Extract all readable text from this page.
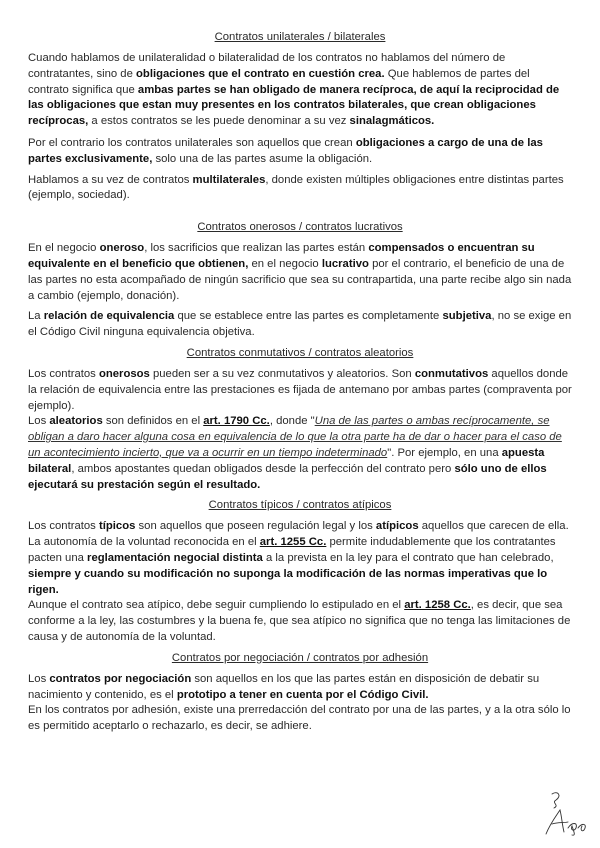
Contratos unilaterales / bilaterales

Cuando hablamos de unilateralidad o bilateralidad de los contratos no hablamos del número de contratantes, sino de obligaciones que el contrato en cuestión crea. Que hablemos de partes del contrato significa que ambas partes se han obligado de manera recíproca, de aquí la reciprocidad de las obligaciones que estan muy presentes en los contratos bilaterales, que crean obligaciones recíprocas, a estos contratos se les puede denominar a su vez sinalagmáticos.

Por el contrario los contratos unilaterales son aquellos que crean obligaciones a cargo de una de las partes exclusivamente, solo una de las partes asume la obligación.

Hablamos a su vez de contratos multilaterales, donde existen múltiples obligaciones entre distintas partes (ejemplo, sociedad).

Contratos onerosos / contratos lucrativos

En el negocio oneroso, los sacrificios que realizan las partes están compensados o encuentran su equivalente en el beneficio que obtienen, en el negocio lucrativo por el contrario, el beneficio de una de las partes no esta acompañado de ningún sacrificio que sea su contrapartida, una parte recibe algo sin nada a cambio (ejemplo, donación).

La relación de equivalencia que se establece entre las partes es completamente subjetiva, no se exige en el Código Civil ninguna equivalencia objetiva.

Contratos conmutativos / contratos aleatorios

Los contratos onerosos pueden ser a su vez conmutativos y aleatorios. Son conmutativos aquellos donde la relación de equivalencia entre las prestaciones es fijada de antemano por ambas partes (compraventa por ejemplo).

Los aleatorios son definidos en el art. 1790 Cc., donde "Una de las partes o ambas recíprocamente, se obligan a daro hacer alguna cosa en equivalencia de lo que la otra parte ha de dar o hacer para el caso de un acontecimiento incierto, que va a ocurrir en un tiempo indeterminado". Por ejemplo, en una apuesta bilateral, ambos apostantes quedan obligados desde la perfección del contrato pero sólo uno de ellos ejecutará su prestación según el resultado.

Contratos típicos / contratos atípicos

Los contratos típicos son aquellos que poseen regulación legal y los atípicos aquellos que carecen de ella.

La autonomía de la voluntad reconocida en el art. 1255 Cc. permite indudablemente que los contratantes pacten una reglamentación negocial distinta a la prevista en la ley para el contrato que han celebrado, siempre y cuando su modificación no suponga la modificación de las normas imperativas que lo rigen.

Aunque el contrato sea atípico, debe seguir cumpliendo lo estipulado en el art. 1258 Cc., es decir, que sea conforme a la ley, las costumbres y la buena fe, que sea atípico no significa que no tenga las limitaciones de causa y de autonomía de la voluntad.

Contratos por negociación / contratos por adhesión

Los contratos por negociación son aquellos en los que las partes están en disposición de debatir su nacimiento y contenido, es el prototipo a tener en cuenta por el Código Civil.

En los contratos por adhesión, existe una prerredacción del contrato por una de las partes, y a la otra sólo lo es permitido aceptarlo o rechazarlo, es decir, se adhiere.
